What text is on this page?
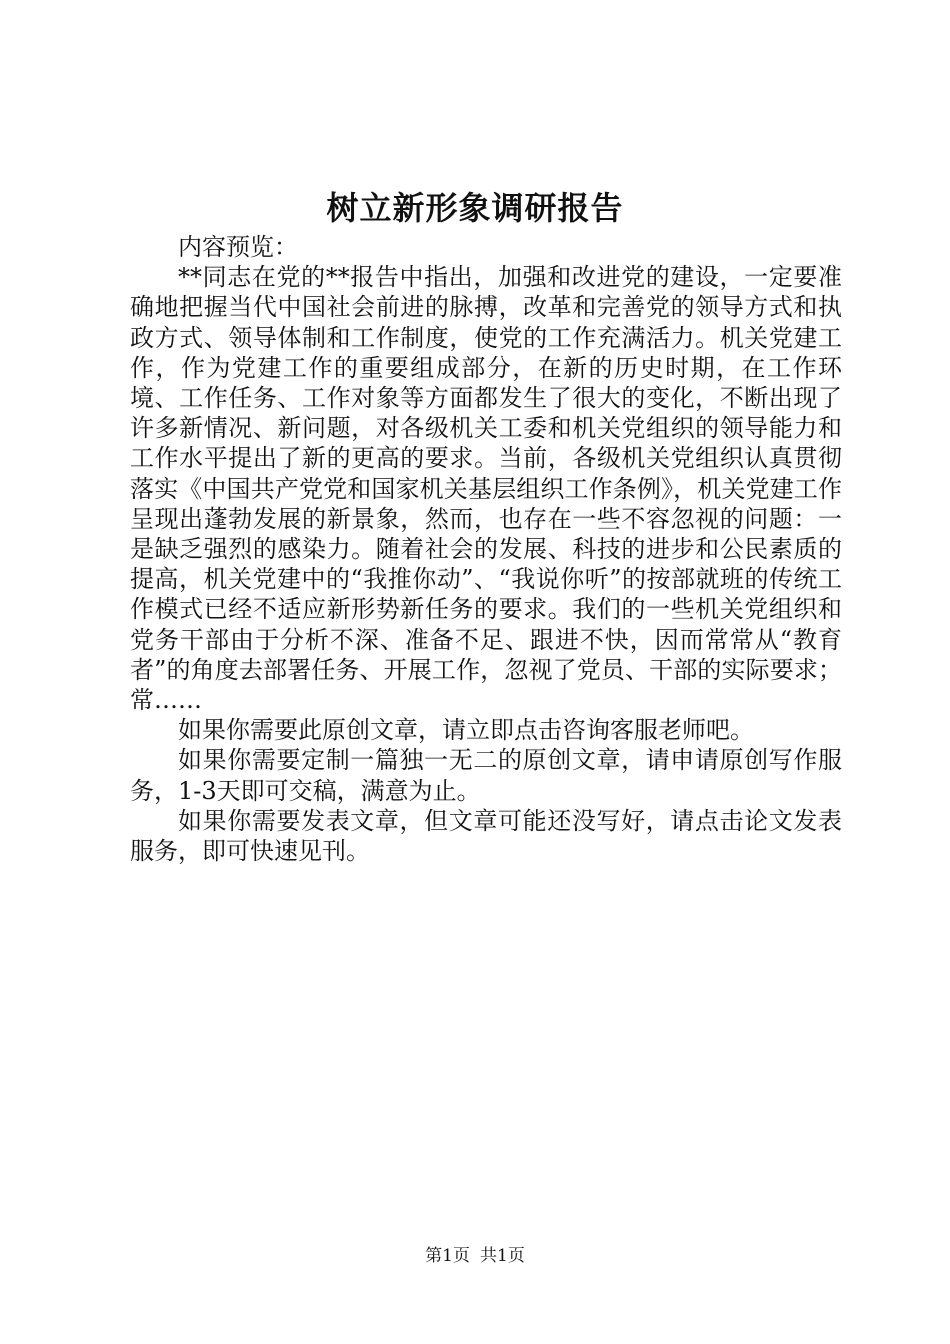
树立新形象调研报告

内容预览：

**同志在党的**报告中指出，加强和改进党的建设，一定要准确地把握当代中国社会前进的脉搏，改革和完善党的领导方式和执政方式、领导体制和工作制度，使党的工作充满活力。机关党建工作，作为党建工作的重要组成部分，在新的历史时期，在工作环境、工作任务、工作对象等方面都发生了很大的变化，不断出现了许多新情况、新问题，对各级机关工委和机关党组织的领导能力和工作水平提出了新的更高的要求。当前，各级机关党组织认真贯彻落实《中国共产党党和国家机关基层组织工作条例》，机关党建工作呈现出蓬勃发展的新景象，然而，也存在一些不容忽视的问题：一是缺乏强烈的感染力。随着社会的发展、科技的进步和公民素质的提高，机关党建中的“我推你动”、“我说你听”的按部就班的传统工作模式已经不适应新形势新任务的要求。我们的一些机关党组织和党务干部由于分析不深、准备不足、跟进不快，因而常常从“教育者”的角度去部署任务、开展工作，忽视了党员、干部的实际要求；常……

如果你需要此原创文章，请立即点击咨询客服老师吧。

如果你需要定制一篇独一无二的原创文章，请申请原创写作服务，1-3天即可交稿，满意为止。

如果你需要发表文章，但文章可能还没写好，请点击论文发表服务，即可快速见刊。

第1页 共1页
